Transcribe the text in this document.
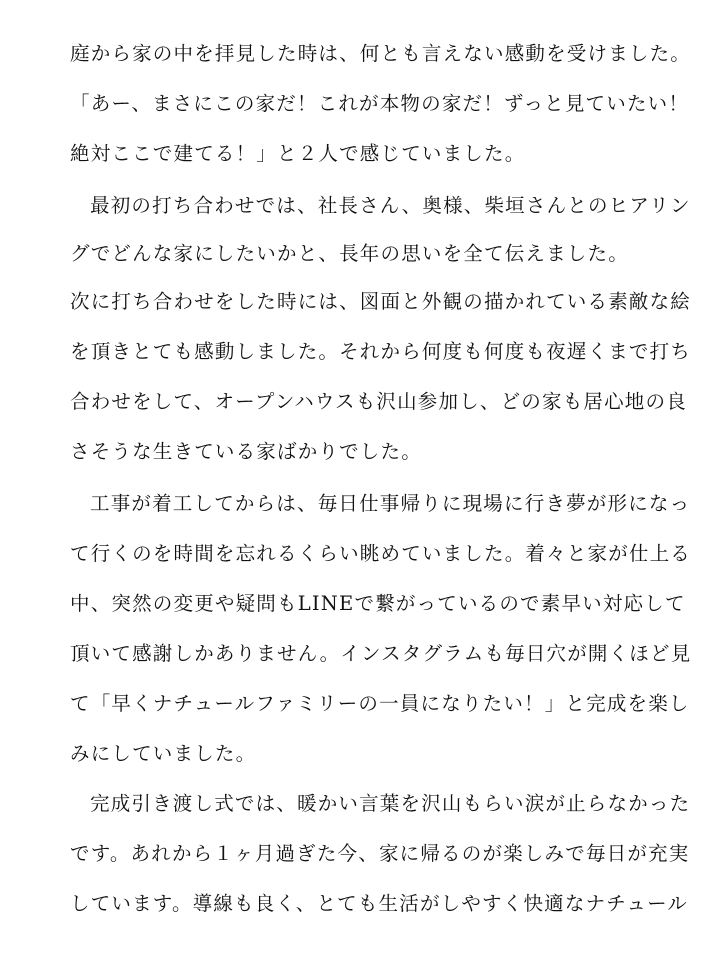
庭から家の中を拝見した時は、何とも言えない感動を受けました。
「あー、まさにこの家だ！これが本物の家だ！ずっと見ていたい！
絶対ここで建てる！」と２人で感じていました。
最初の打ち合わせでは、社長さん、奥様、柴垣さんとのヒアリン
グでどんな家にしたいかと、長年の思いを全て伝えました。
次に打ち合わせをした時には、図面と外観の描かれている素敵な絵
を頂きとても感動しました。それから何度も何度も夜遅くまで打ち
合わせをして、オープンハウスも沢山参加し、どの家も居心地の良
さそうな生きている家ばかりでした。
工事が着工してからは、毎日仕事帰りに現場に行き夢が形になっ
て行くのを時間を忘れるくらい眺めていました。着々と家が仕上る
中、突然の変更や疑問もLINEで繋がっているので素早い対応して
頂いて感謝しかありません。インスタグラムも毎日穴が開くほど見
て「早くナチュールファミリーの一員になりたい！」と完成を楽し
みにしていました。
完成引き渡し式では、暖かい言葉を沢山もらい涙が止らなかった
です。あれから１ヶ月過ぎた今、家に帰るのが楽しみで毎日が充実
しています。導線も良く、とても生活がしやすく快適なナチュール
